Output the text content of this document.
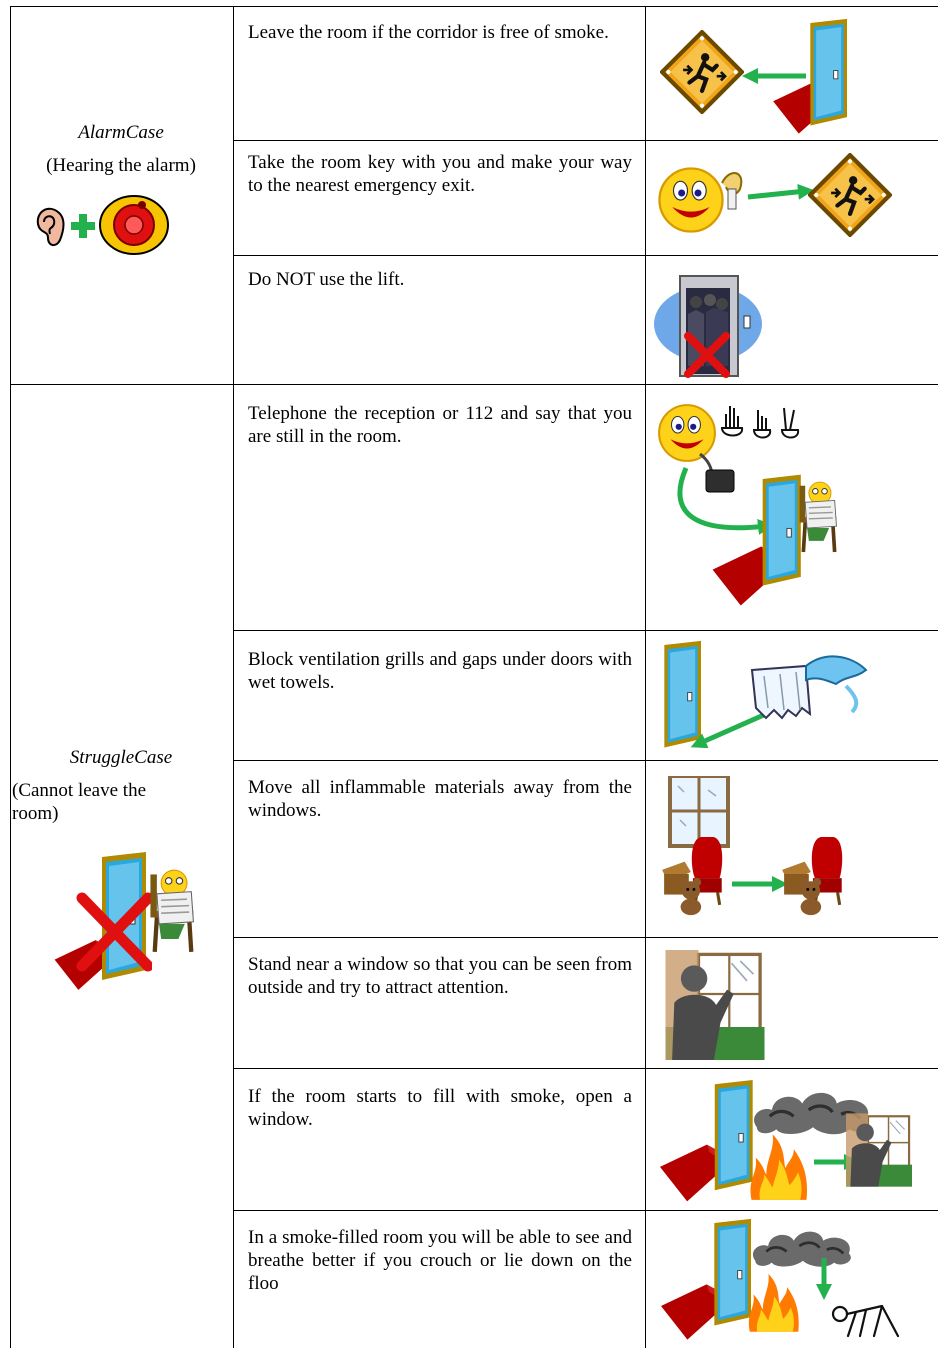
AlarmCase
(Hearing the alarm)
StruggleCase
(Cannot leave the room)
Leave the room if the corridor is free of smoke.
Take the room key with you and make your way to the nearest emergency exit.
Do NOT use the lift.
Telephone the reception or 112 and say that you are still in the room.
Block ventilation grills and gaps under doors with wet towels.
Move all inflammable materials away from the windows.
Stand near a window so that you can be seen from outside and try to attract attention.
If the room starts to fill with smoke, open a window.
In a smoke-filled room you will be able to see and breathe better if you crouch or lie down on the floo
